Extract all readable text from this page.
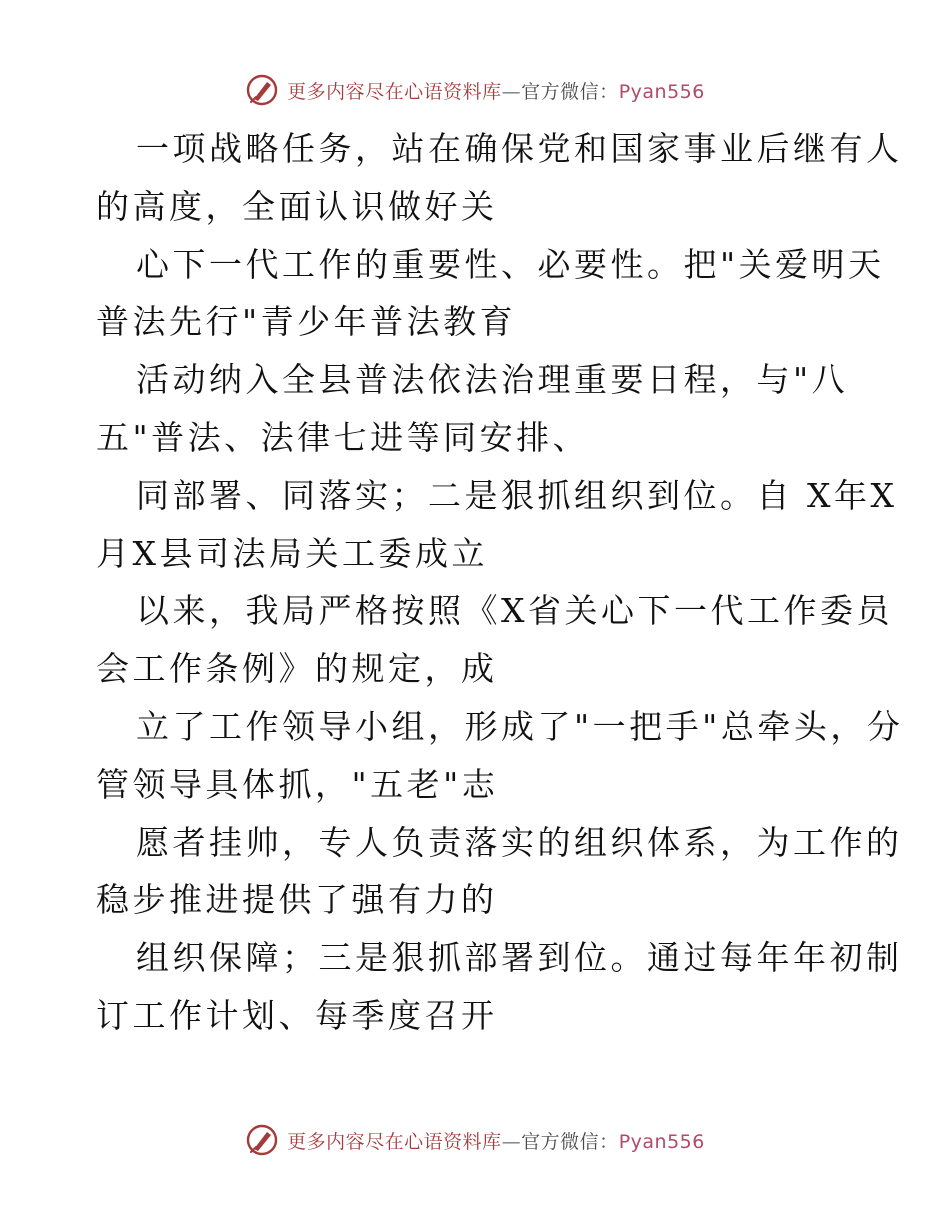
更多内容尽在心语资料库—官方微信：Pyan556
一项战略任务，站在确保党和国家事业后继有人
的高度，全面认识做好关
心下一代工作的重要性、必要性。把"关爱明天
普法先行"青少年普法教育
活动纳入全县普法依法治理重要日程，与"八
五"普法、法律七进等同安排、
同部署、同落实；二是狠抓组织到位。自 X年X
月X县司法局关工委成立
以来，我局严格按照《X省关心下一代工作委员
会工作条例》的规定，成
立了工作领导小组，形成了"一把手"总牵头，分
管领导具体抓，"五老"志
愿者挂帅，专人负责落实的组织体系，为工作的
稳步推进提供了强有力的
组织保障；三是狠抓部署到位。通过每年年初制
订工作计划、每季度召开
更多内容尽在心语资料库—官方微信：Pyan556
